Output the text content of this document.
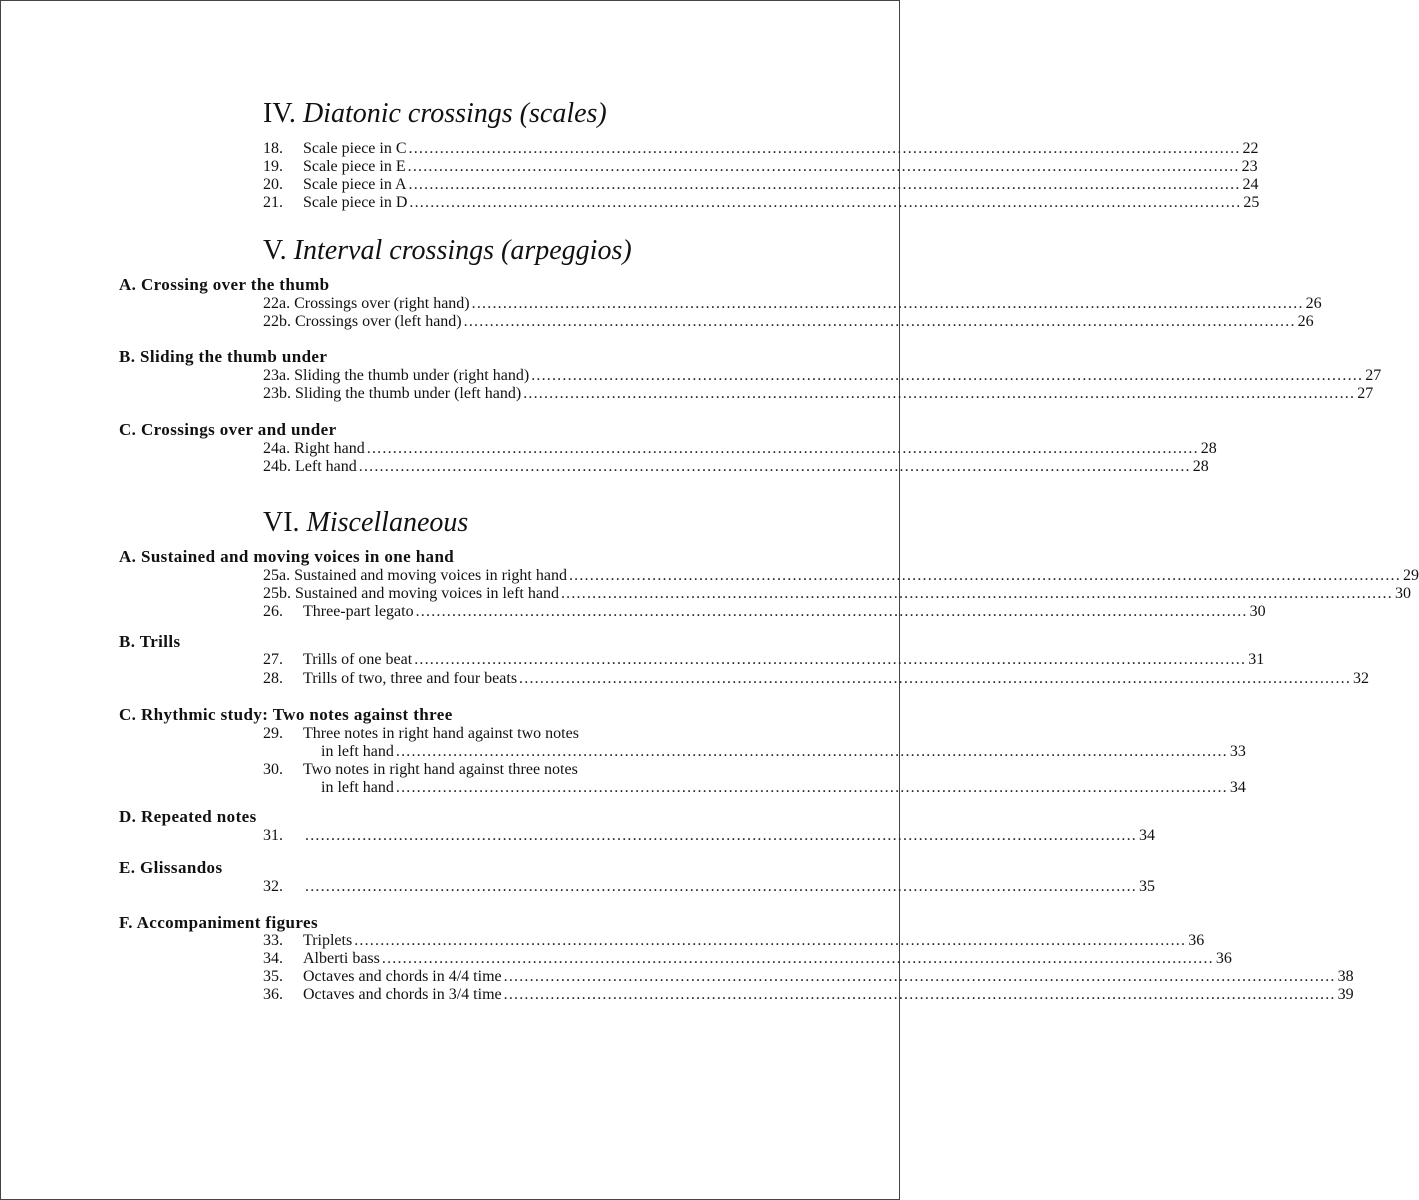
IV. Diatonic crossings (scales)
18. Scale piece in C ................................................................................................................................................................ 22
19. Scale piece in E ................................................................................................................................................................ 23
20. Scale piece in A ................................................................................................................................................................ 24
21. Scale piece in D ................................................................................................................................................................ 25
V. Interval crossings (arpeggios)
A. Crossing over the thumb
22a. Crossings over (right hand) ................................................................................................................................................................ 26
22b. Crossings over (left hand) ................................................................................................................................................................ 26
B. Sliding the thumb under
23a. Sliding the thumb under (right hand) ................................................................................................................................................................ 27
23b. Sliding the thumb under (left hand) ................................................................................................................................................................ 27
C. Crossings over and under
24a. Right hand ................................................................................................................................................................ 28
24b. Left hand ................................................................................................................................................................ 28
VI. Miscellaneous
A. Sustained and moving voices in one hand
25a. Sustained and moving voices in right hand ................................................................................................................................................................ 29
25b. Sustained and moving voices in left hand ................................................................................................................................................................ 30
26. Three-part legato ................................................................................................................................................................ 30
B. Trills
27. Trills of one beat ................................................................................................................................................................ 31
28. Trills of two, three and four beats ................................................................................................................................................................ 32
C. Rhythmic study: Two notes against three
29. Three notes in right hand against two notes
in left hand ................................................................................................................................................................ 33
30. Two notes in right hand against three notes
in left hand ................................................................................................................................................................ 34
D. Repeated notes
31. ................................................................................................................................................................ 34
E. Glissandos
32. ................................................................................................................................................................ 35
F. Accompaniment figures
33. Triplets ................................................................................................................................................................ 36
34. Alberti bass ................................................................................................................................................................ 36
35. Octaves and chords in 4/4 time ................................................................................................................................................................ 38
36. Octaves and chords in 3/4 time ................................................................................................................................................................ 39
